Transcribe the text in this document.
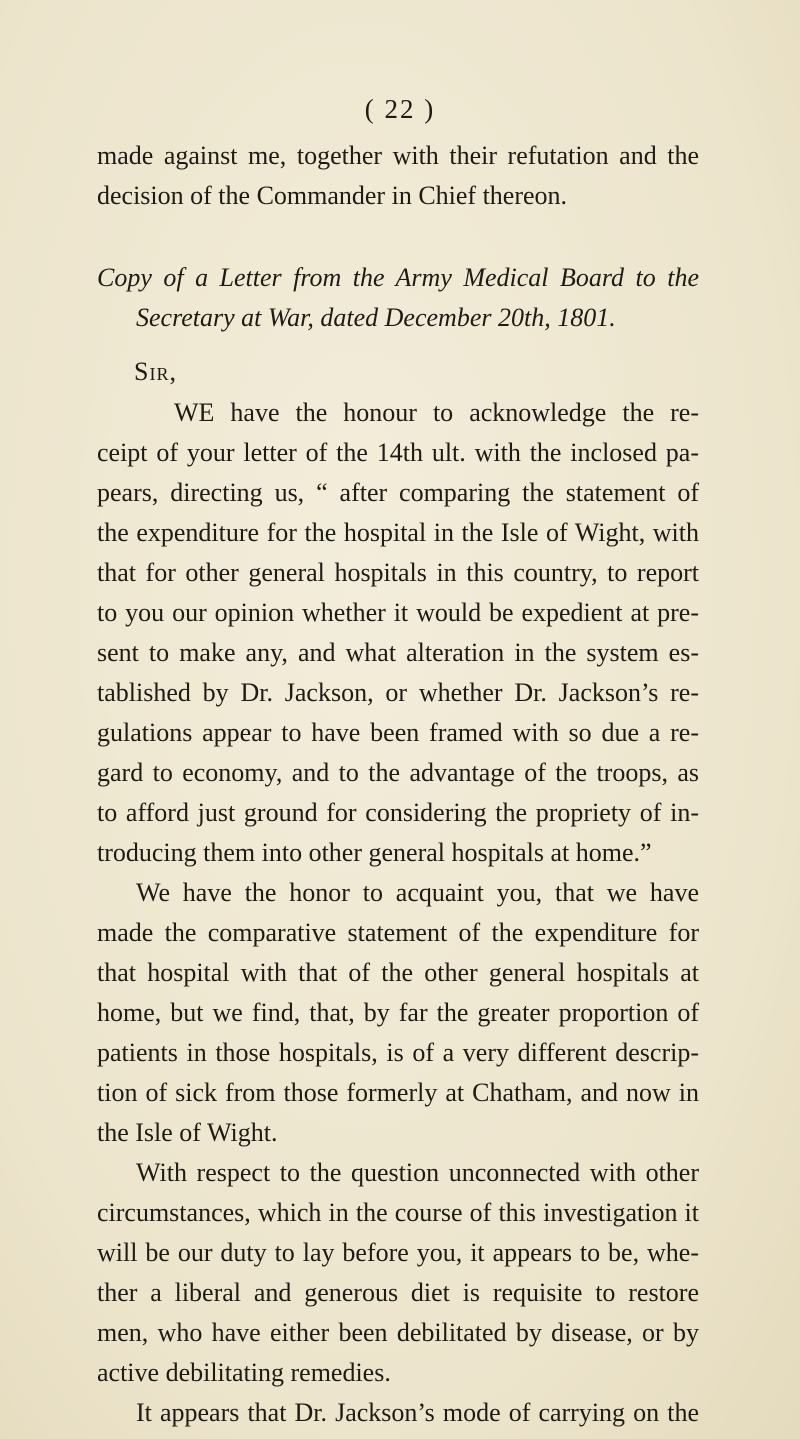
( 22 )
made against me, together with their refutation and the
decision of the Commander in Chief thereon.
Copy of a Letter from the Army Medical Board to the
Secretary at War, dated December 20th, 1801.
Sir,
WE have the honour to acknowledge the re-
ceipt of your letter of the 14th ult. with the inclosed pa-
pears, directing us, “ after comparing the statement of
the expenditure for the hospital in the Isle of Wight, with
that for other general hospitals in this country, to report
to you our opinion whether it would be expedient at pre-
sent to make any, and what alteration in the system es-
tablished by Dr. Jackson, or whether Dr. Jackson’s re-
gulations appear to have been framed with so due a re-
gard to economy, and to the advantage of the troops, as
to afford just ground for considering the propriety of in-
troducing them into other general hospitals at home.”
We have the honor to acquaint you, that we have
made the comparative statement of the expenditure for
that hospital with that of the other general hospitals at
home, but we find, that, by far the greater proportion of
patients in those hospitals, is of a very different descrip-
tion of sick from those formerly at Chatham, and now in
the Isle of Wight.
With respect to the question unconnected with other
circumstances, which in the course of this investigation it
will be our duty to lay before you, it appears to be, whe-
ther a liberal and generous diet is requisite to restore
men, who have either been debilitated by disease, or by
active debilitating remedies.
It appears that Dr. Jackson’s mode of carrying on the
